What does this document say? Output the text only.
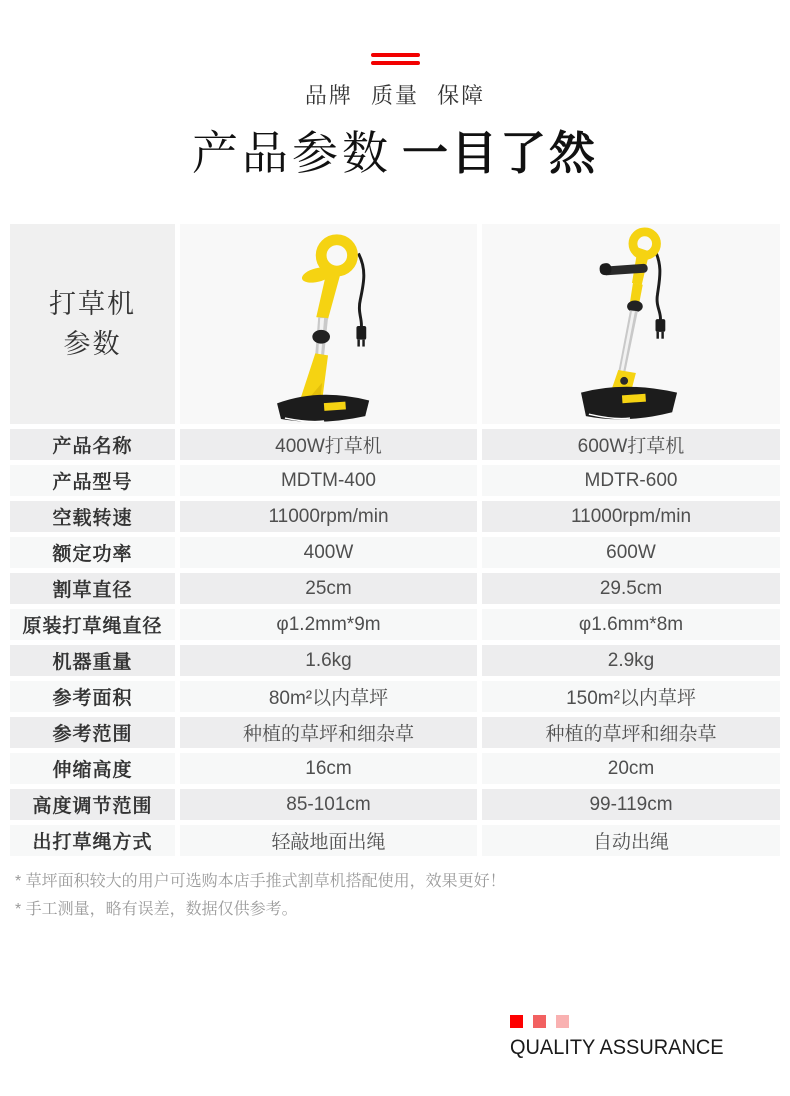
品牌 质量 保障
产品参数 一目了然
打草机
参数
产品名称	400W打草机	600W打草机
产品型号	MDTM-400	MDTR-600
空载转速	11000rpm/min	11000rpm/min
额定功率	400W	600W
割草直径	25cm	29.5cm
原装打草绳直径	φ1.2mm*9m	φ1.6mm*8m
机器重量	1.6kg	2.9kg
参考面积	80m²以内草坪	150m²以内草坪
参考范围	种植的草坪和细杂草	种植的草坪和细杂草
伸缩高度	16cm	20cm
高度调节范围	85-101cm	99-119cm
出打草绳方式	轻敲地面出绳	自动出绳
* 草坪面积较大的用户可选购本店手推式割草机搭配使用，效果更好！
* 手工测量，略有误差，数据仅供参考。
QUALITY ASSURANCE
